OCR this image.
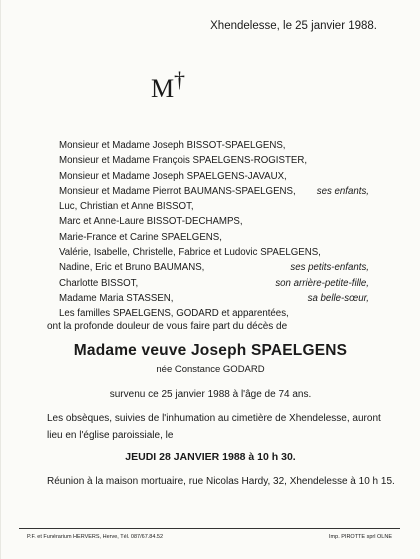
Xhendelesse, le 25 janvier 1988.
M †
Monsieur et Madame Joseph BISSOT-SPAELGENS,
Monsieur et Madame François SPAELGENS-ROGISTER,
Monsieur et Madame Joseph SPAELGENS-JAVAUX,
Monsieur et Madame Pierrot BAUMANS-SPAELGENS, ses enfants,
Luc, Christian et Anne BISSOT,
Marc et Anne-Laure BISSOT-DECHAMPS,
Marie-France et Carine SPAELGENS,
Valérie, Isabelle, Christelle, Fabrice et Ludovic SPAELGENS,
Nadine, Eric et Bruno BAUMANS,	ses petits-enfants,
Charlotte BISSOT,	son arrière-petite-fille,
Madame Maria STASSEN,	sa belle-sœur,
Les familles SPAELGENS, GODARD et apparentées,
ont la profonde douleur de vous faire part du décès de
Madame veuve Joseph SPAELGENS
née Constance GODARD
survenu ce 25 janvier 1988 à l'âge de 74 ans.
Les obsèques, suivies de l'inhumation au cimetière de Xhendelesse, auront lieu en l'église paroissiale, le
JEUDI 28 JANVIER 1988 à 10 h 30.
Réunion à la maison mortuaire, rue Nicolas Hardy, 32, Xhendelesse à 10 h 15.
P.F. et Funérarium HERVERS, Herve, Tél. 087/67.84.52	Imp. PIROTTE sprl OLNE
